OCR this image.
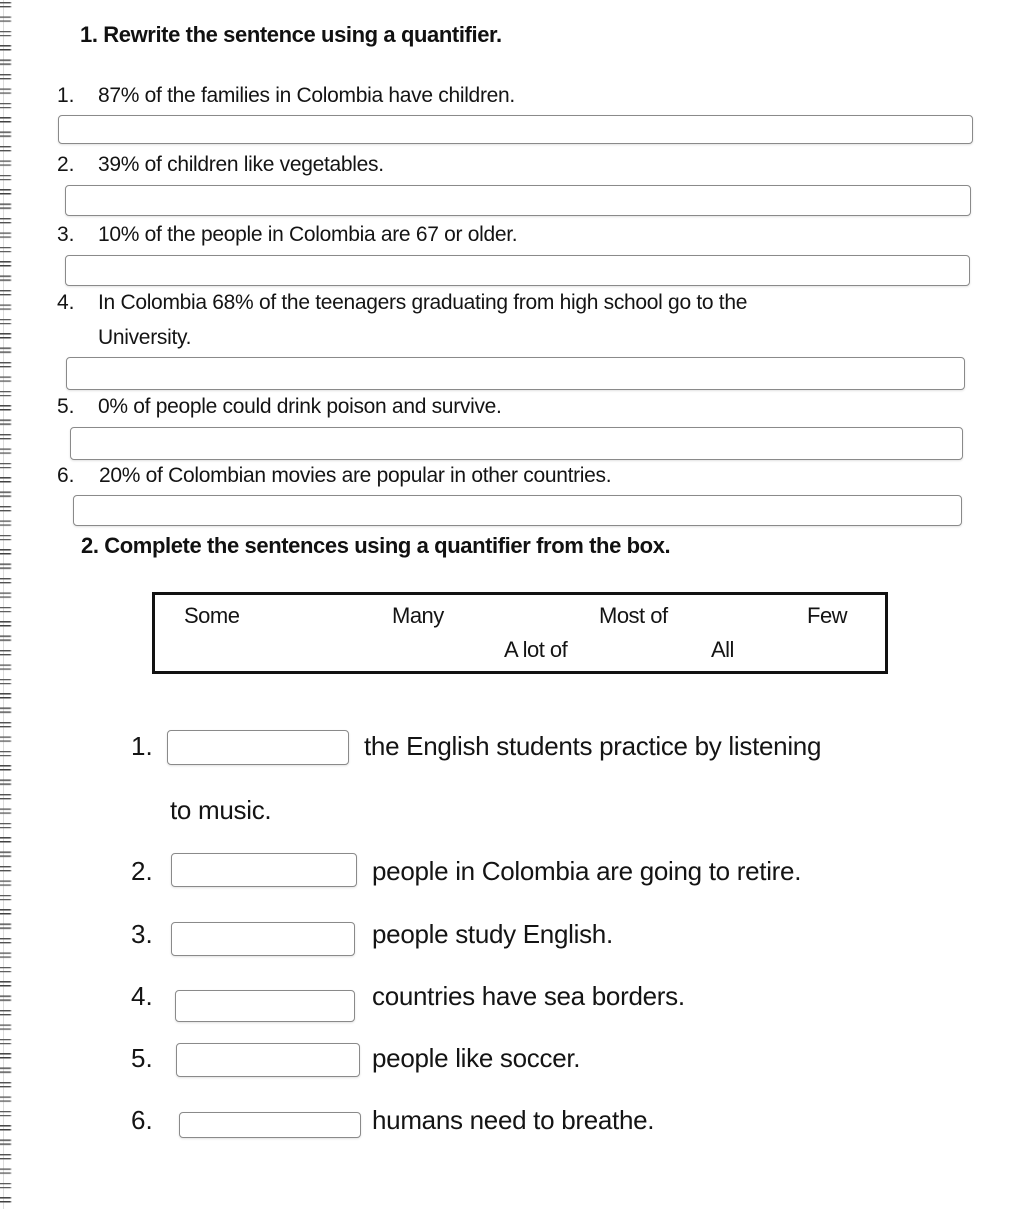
1. Rewrite the sentence using a quantifier.
1. 87% of the families in Colombia have children.
2. 39% of children like vegetables.
3. 10% of the people in Colombia are 67 or older.
4. In Colombia 68% of the teenagers graduating from high school go to the
University.
5. 0% of people could drink poison and survive.
6. 20% of Colombian movies are popular in other countries.
2. Complete the sentences using a quantifier from the box.
Some	Many	Most of	Few
A lot of	All
1.	the English students practice by listening
to music.
2.	people in Colombia are going to retire.
3.	people study English.
4.	countries have sea borders.
5.	people like soccer.
6.	humans need to breathe.
